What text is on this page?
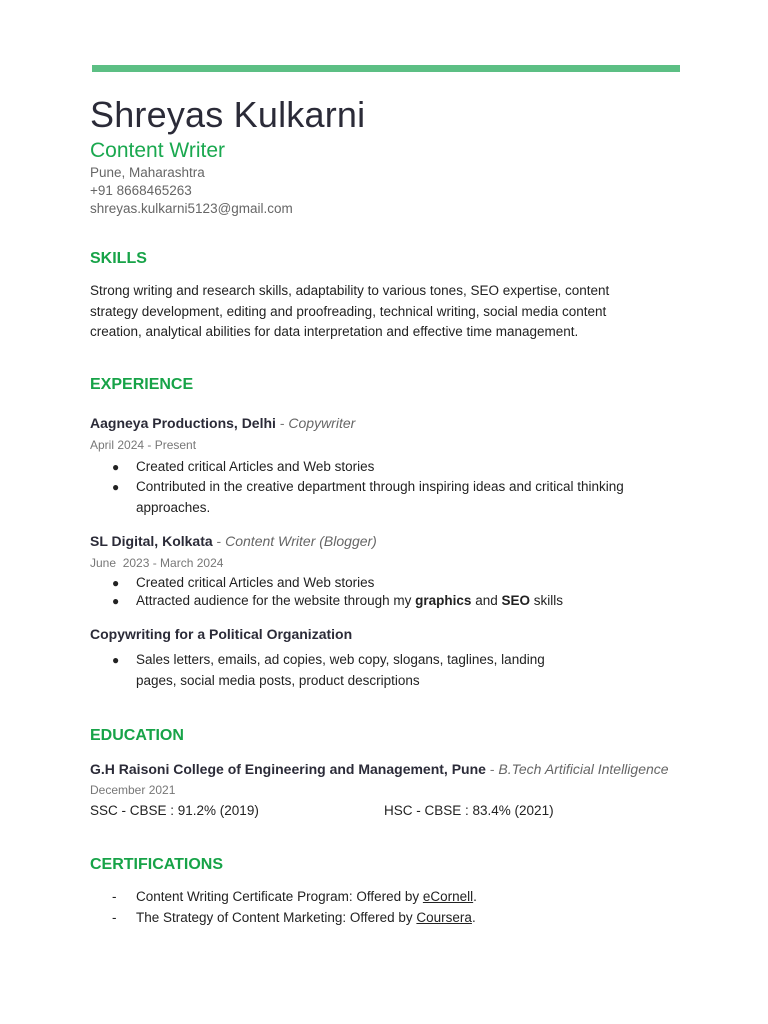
Shreyas Kulkarni
Content Writer
Pune, Maharashtra
+91 8668465263
shreyas.kulkarni5123@gmail.com
SKILLS
Strong writing and research skills, adaptability to various tones, SEO expertise, content strategy development, editing and proofreading, technical writing, social media content creation, analytical abilities for data interpretation and effective time management.
EXPERIENCE
Aagneya Productions, Delhi - Copywriter
April 2024 - Present
● Created critical Articles and Web stories
● Contributed in the creative department through inspiring ideas and critical thinking approaches.
SL Digital, Kolkata - Content Writer (Blogger)
June  2023 - March 2024
● Created critical Articles and Web stories
● Attracted audience for the website through my graphics and SEO skills
Copywriting for a Political Organization
● Sales letters, emails, ad copies, web copy, slogans, taglines, landing pages, social media posts, product descriptions
EDUCATION
G.H Raisoni College of Engineering and Management, Pune - B.Tech Artificial Intelligence
December 2021
SSC - CBSE : 91.2% (2019)	HSC - CBSE : 83.4% (2021)
CERTIFICATIONS
- Content Writing Certificate Program: Offered by eCornell.
- The Strategy of Content Marketing: Offered by Coursera.
